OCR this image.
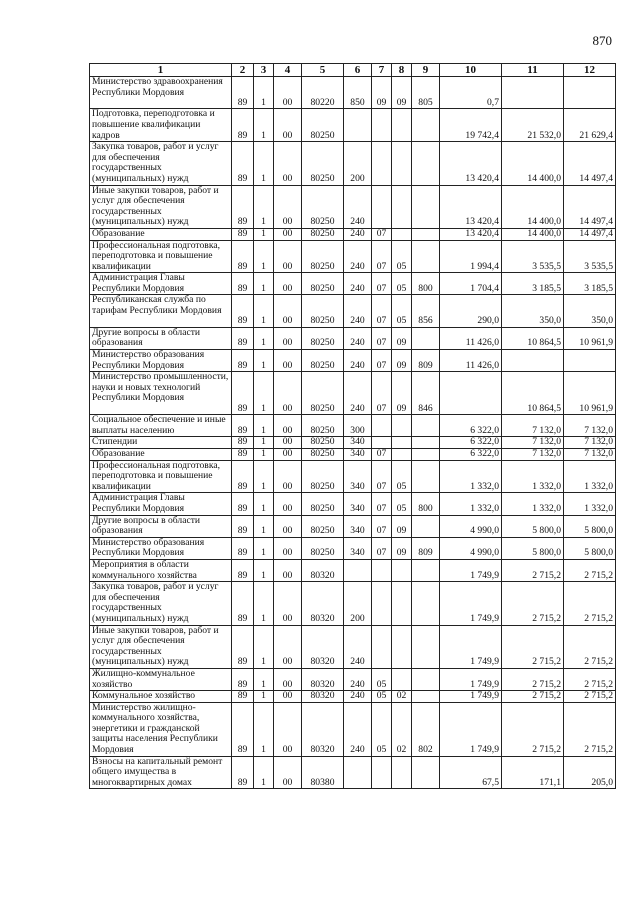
870
1	2	3	4	5	6	7	8	9	10	11	12
Министерство здравоохранения Республики Мордовия	89	1	00	80220	850	09	09	805	0,7		
Подготовка, переподготовка и повышение квалификации кадров	89	1	00	80250					19 742,4	21 532,0	21 629,4
Закупка товаров, работ и услуг для обеспечения государственных (муниципальных) нужд	89	1	00	80250	200				13 420,4	14 400,0	14 497,4
Иные закупки товаров, работ и услуг для обеспечения государственных (муниципальных) нужд	89	1	00	80250	240				13 420,4	14 400,0	14 497,4
Образование	89	1	00	80250	240	07			13 420,4	14 400,0	14 497,4
Профессиональная подготовка, переподготовка и повышение квалификации	89	1	00	80250	240	07	05		1 994,4	3 535,5	3 535,5
Администрация Главы Республики Мордовия	89	1	00	80250	240	07	05	800	1 704,4	3 185,5	3 185,5
Республиканская служба по тарифам Республики Мордовия	89	1	00	80250	240	07	05	856	290,0	350,0	350,0
Другие вопросы в области образования	89	1	00	80250	240	07	09		11 426,0	10 864,5	10 961,9
Министерство образования Республики Мордовия	89	1	00	80250	240	07	09	809	11 426,0		
Министерство промышленности, науки и новых технологий Республики Мордовия	89	1	00	80250	240	07	09	846		10 864,5	10 961,9
Социальное обеспечение и иные выплаты населению	89	1	00	80250	300				6 322,0	7 132,0	7 132,0
Стипендии	89	1	00	80250	340				6 322,0	7 132,0	7 132,0
Образование	89	1	00	80250	340	07			6 322,0	7 132,0	7 132,0
Профессиональная подготовка, переподготовка и повышение квалификации	89	1	00	80250	340	07	05		1 332,0	1 332,0	1 332,0
Администрация Главы Республики Мордовия	89	1	00	80250	340	07	05	800	1 332,0	1 332,0	1 332,0
Другие вопросы в области образования	89	1	00	80250	340	07	09		4 990,0	5 800,0	5 800,0
Министерство образования Республики Мордовия	89	1	00	80250	340	07	09	809	4 990,0	5 800,0	5 800,0
Мероприятия в области коммунального хозяйства	89	1	00	80320					1 749,9	2 715,2	2 715,2
Закупка товаров, работ и услуг для обеспечения государственных (муниципальных) нужд	89	1	00	80320	200				1 749,9	2 715,2	2 715,2
Иные закупки товаров, работ и услуг для обеспечения государственных (муниципальных) нужд	89	1	00	80320	240				1 749,9	2 715,2	2 715,2
Жилищно-коммунальное хозяйство	89	1	00	80320	240	05			1 749,9	2 715,2	2 715,2
Коммунальное хозяйство	89	1	00	80320	240	05	02		1 749,9	2 715,2	2 715,2
Министерство жилищно-коммунального хозяйства, энергетики и гражданской защиты населения Республики Мордовия	89	1	00	80320	240	05	02	802	1 749,9	2 715,2	2 715,2
Взносы на капитальный ремонт общего имущества в многоквартирных домах	89	1	00	80380					67,5	171,1	205,0
